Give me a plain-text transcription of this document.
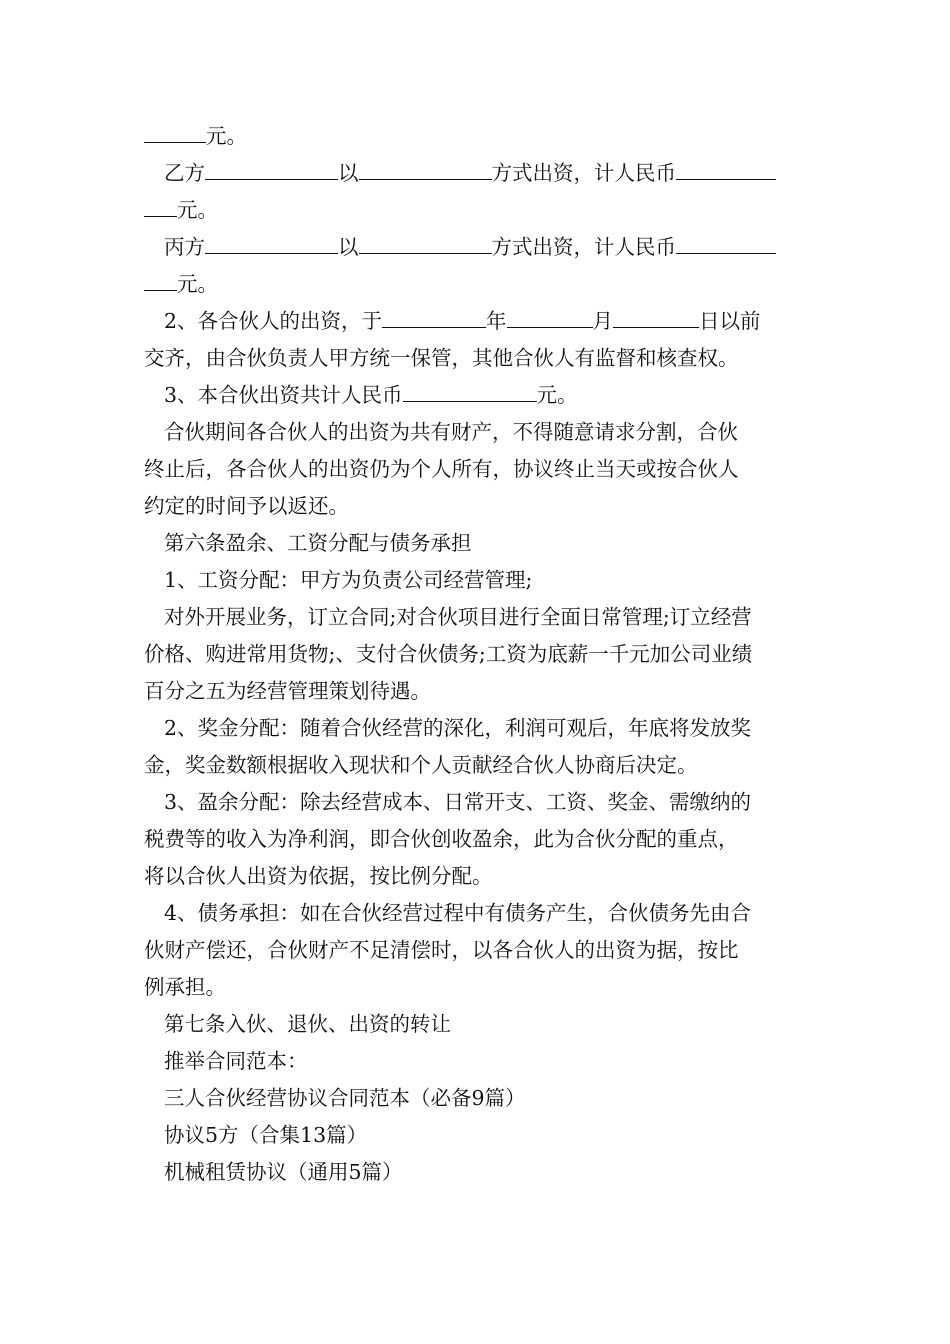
元。
乙方	以	方式出资，计人民币
元。
丙方	以	方式出资，计人民币
元。
2、各合伙人的出资，于	年	月	日以前
交齐，由合伙负责人甲方统一保管，其他合伙人有监督和核查权。
3、本合伙出资共计人民币	元。
合伙期间各合伙人的出资为共有财产，不得随意请求分割，合伙
终止后，各合伙人的出资仍为个人所有，协议终止当天或按合伙人
约定的时间予以返还。
第六条盈余、工资分配与债务承担
1、工资分配：甲方为负责公司经营管理;
对外开展业务，订立合同;对合伙项目进行全面日常管理;订立经营
价格、购进常用货物;、支付合伙债务;工资为底薪一千元加公司业绩
百分之五为经营管理策划待遇。
2、奖金分配：随着合伙经营的深化，利润可观后，年底将发放奖
金，奖金数额根据收入现状和个人贡献经合伙人协商后决定。
3、盈余分配：除去经营成本、日常开支、工资、奖金、需缴纳的
税费等的收入为净利润，即合伙创收盈余，此为合伙分配的重点，
将以合伙人出资为依据，按比例分配。
4、债务承担：如在合伙经营过程中有债务产生，合伙债务先由合
伙财产偿还，合伙财产不足清偿时，以各合伙人的出资为据，按比
例承担。
第七条入伙、退伙、出资的转让
推举合同范本：
三人合伙经营协议合同范本（必备9篇）
协议5方（合集13篇）
机械租赁协议（通用5篇）
